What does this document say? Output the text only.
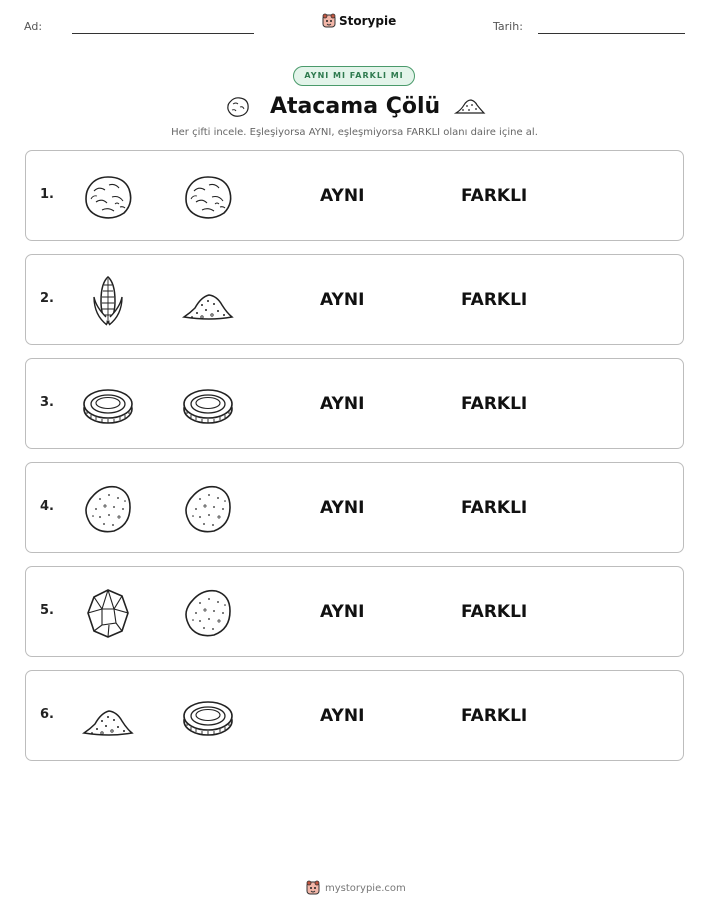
Ad:	Storypie	Tarih:
AYNI MI FARKLI MI
Atacama Çölü
Her çifti incele. Eşleşiyorsa AYNI, eşleşmiyorsa FARKLI olanı daire içine al.
1.	AYNI	FARKLI
2.	AYNI	FARKLI
3.	AYNI	FARKLI
4.	AYNI	FARKLI
5.	AYNI	FARKLI
6.	AYNI	FARKLI
mystorypie.com
